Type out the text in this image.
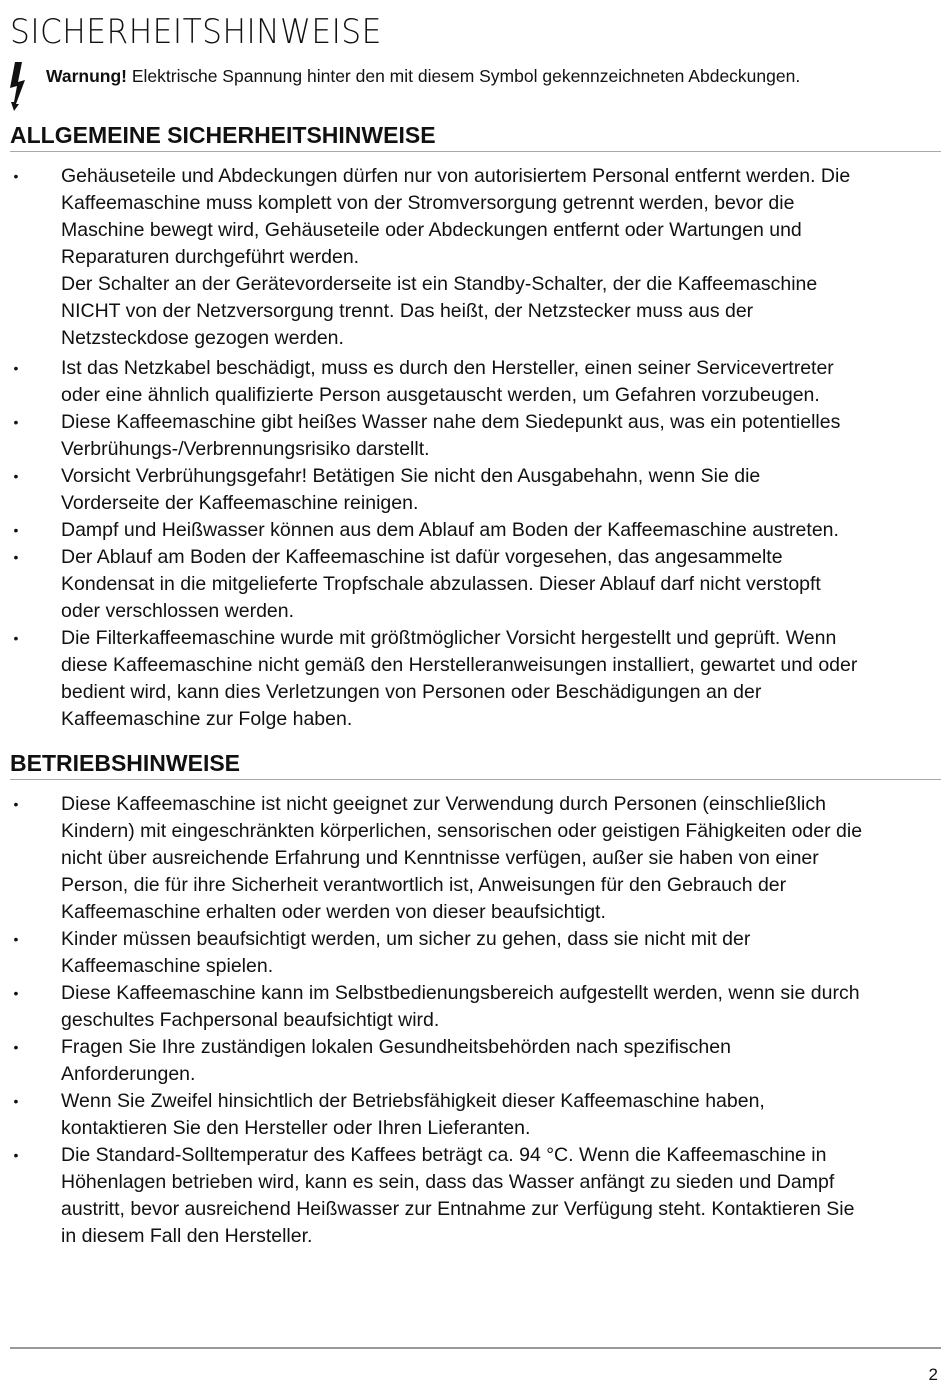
SICHERHEITSHINWEISE
Warnung! Elektrische Spannung hinter den mit diesem Symbol gekennzeichneten Abdeckungen.
ALLGEMEINE SICHERHEITSHINWEISE
• Gehäuseteile und Abdeckungen dürfen nur von autorisiertem Personal entfernt werden. Die
Kaffeemaschine muss komplett von der Stromversorgung getrennt werden, bevor die
Maschine bewegt wird, Gehäuseteile oder Abdeckungen entfernt oder Wartungen und
Reparaturen durchgeführt werden.
Der Schalter an der Gerätevorderseite ist ein Standby-Schalter, der die Kaffeemaschine
NICHT von der Netzversorgung trennt. Das heißt, der Netzstecker muss aus der
Netzsteckdose gezogen werden.
• Ist das Netzkabel beschädigt, muss es durch den Hersteller, einen seiner Servicevertreter
oder eine ähnlich qualifizierte Person ausgetauscht werden, um Gefahren vorzubeugen.
• Diese Kaffeemaschine gibt heißes Wasser nahe dem Siedepunkt aus, was ein potentielles
Verbrühungs-/Verbrennungsrisiko darstellt.
• Vorsicht Verbrühungsgefahr! Betätigen Sie nicht den Ausgabehahn, wenn Sie die
Vorderseite der Kaffeemaschine reinigen.
• Dampf und Heißwasser können aus dem Ablauf am Boden der Kaffeemaschine austreten.
• Der Ablauf am Boden der Kaffeemaschine ist dafür vorgesehen, das angesammelte
Kondensat in die mitgelieferte Tropfschale abzulassen. Dieser Ablauf darf nicht verstopft
oder verschlossen werden.
• Die Filterkaffeemaschine wurde mit größtmöglicher Vorsicht hergestellt und geprüft. Wenn
diese Kaffeemaschine nicht gemäß den Herstelleranweisungen installiert, gewartet und oder
bedient wird, kann dies Verletzungen von Personen oder Beschädigungen an der
Kaffeemaschine zur Folge haben.
BETRIEBSHINWEISE
• Diese Kaffeemaschine ist nicht geeignet zur Verwendung durch Personen (einschließlich
Kindern) mit eingeschränkten körperlichen, sensorischen oder geistigen Fähigkeiten oder die
nicht über ausreichende Erfahrung und Kenntnisse verfügen, außer sie haben von einer
Person, die für ihre Sicherheit verantwortlich ist, Anweisungen für den Gebrauch der
Kaffeemaschine erhalten oder werden von dieser beaufsichtigt.
• Kinder müssen beaufsichtigt werden, um sicher zu gehen, dass sie nicht mit der
Kaffeemaschine spielen.
• Diese Kaffeemaschine kann im Selbstbedienungsbereich aufgestellt werden, wenn sie durch
geschultes Fachpersonal beaufsichtigt wird.
• Fragen Sie Ihre zuständigen lokalen Gesundheitsbehörden nach spezifischen
Anforderungen.
• Wenn Sie Zweifel hinsichtlich der Betriebsfähigkeit dieser Kaffeemaschine haben,
kontaktieren Sie den Hersteller oder Ihren Lieferanten.
• Die Standard-Solltemperatur des Kaffees beträgt ca. 94 °C. Wenn die Kaffeemaschine in
Höhenlagen betrieben wird, kann es sein, dass das Wasser anfängt zu sieden und Dampf
austritt, bevor ausreichend Heißwasser zur Entnahme zur Verfügung steht. Kontaktieren Sie
in diesem Fall den Hersteller.
2
